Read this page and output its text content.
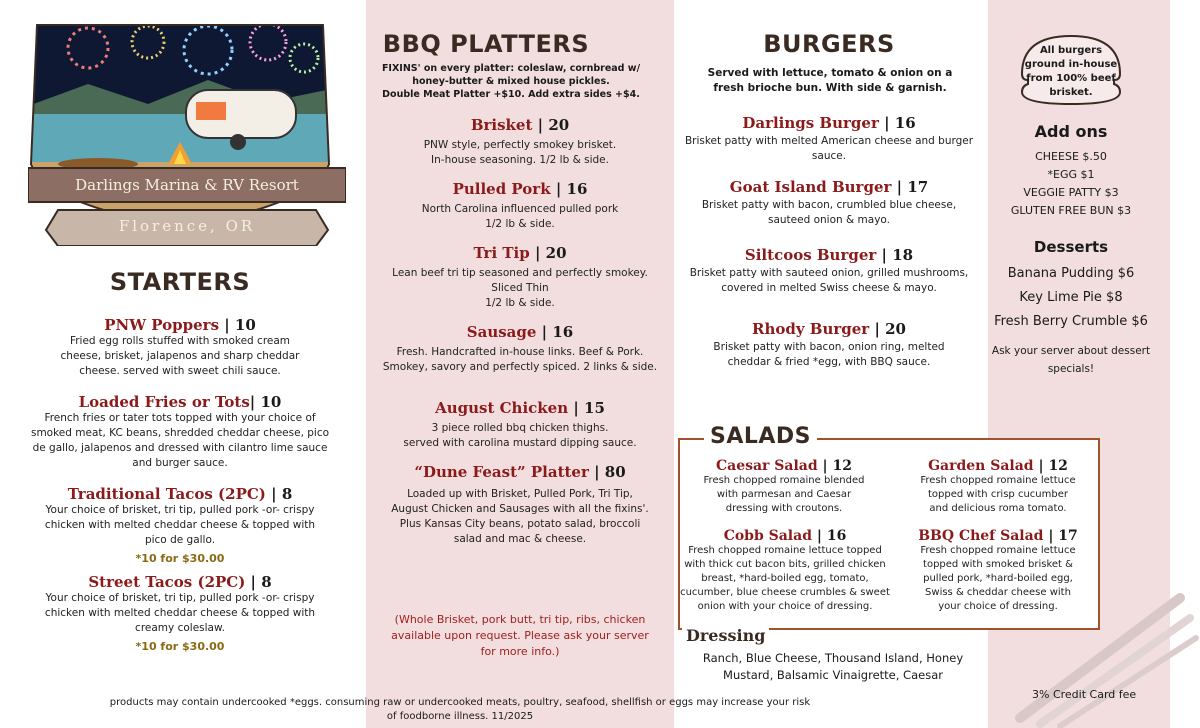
Darlings Marina & RV Resort
Florence, OR
STARTERS
PNW Poppers | 10
Fried egg rolls stuffed with smoked cream
cheese, brisket, jalapenos and sharp cheddar
cheese. served with sweet chili sauce.
Loaded Fries or Tots| 10
French fries or tater tots topped with your choice of
smoked meat, KC beans, shredded cheddar cheese, pico
de gallo, jalapenos and dressed with cilantro lime sauce
and burger sauce.
Traditional Tacos (2PC) | 8
Your choice of brisket, tri tip, pulled pork -or- crispy
chicken with melted cheddar cheese & topped with
pico de gallo.
*10 for $30.00
Street Tacos (2PC) | 8
Your choice of brisket, tri tip, pulled pork -or- crispy
chicken with melted cheddar cheese & topped with
creamy coleslaw.
*10 for $30.00
BBQ PLATTERS
FIXINS' on every platter: coleslaw, cornbread w/
honey-butter & mixed house pickles.
Double Meat Platter +$10. Add extra sides +$4.
Brisket | 20
PNW style, perfectly smokey brisket.
In-house seasoning. 1/2 lb & side.
Pulled Pork | 16
North Carolina influenced pulled pork
1/2 lb & side.
Tri Tip | 20
Lean beef tri tip seasoned and perfectly smokey.
Sliced Thin
1/2 lb & side.
Sausage | 16
Fresh. Handcrafted in-house links. Beef & Pork.
Smokey, savory and perfectly spiced. 2 links & side.
August Chicken | 15
3 piece rolled bbq chicken thighs.
served with carolina mustard dipping sauce.
“Dune Feast” Platter | 80
Loaded up with Brisket, Pulled Pork, Tri Tip,
August Chicken and Sausages with all the fixins'.
Plus Kansas City beans, potato salad, broccoli
salad and mac & cheese.
(Whole Brisket, pork butt, tri tip, ribs, chicken
available upon request. Please ask your server
for more info.)
BURGERS
Served with lettuce, tomato & onion on a
fresh brioche bun. With side & garnish.
Darlings Burger | 16
Brisket patty with melted American cheese and burger
sauce.
Goat Island Burger | 17
Brisket patty with bacon, crumbled blue cheese,
sauteed onion & mayo.
Siltcoos Burger | 18
Brisket patty with sauteed onion, grilled mushrooms,
covered in melted Swiss cheese & mayo.
Rhody Burger | 20
Brisket patty with bacon, onion ring, melted
cheddar & fried *egg, with BBQ sauce.
SALADS
Caesar Salad | 12
Fresh chopped romaine blended
with parmesan and Caesar
dressing with croutons.
Garden Salad | 12
Fresh chopped romaine lettuce
topped with crisp cucumber
and delicious roma tomato.
Cobb Salad | 16
Fresh chopped romaine lettuce topped
with thick cut bacon bits, grilled chicken
breast, *hard-boiled egg, tomato,
cucumber, blue cheese crumbles & sweet
onion with your choice of dressing.
BBQ Chef Salad | 17
Fresh chopped romaine lettuce
topped with smoked brisket &
pulled pork, *hard-boiled egg,
Swiss & cheddar cheese with
your choice of dressing.
Dressing
Ranch, Blue Cheese, Thousand Island, Honey
Mustard, Balsamic Vinaigrette, Caesar
All burgers
ground in-house
from 100% beef
brisket.
Add ons
CHEESE $.50
*EGG $1
VEGGIE PATTY $3
GLUTEN FREE BUN $3
Desserts
Banana Pudding $6
Key Lime Pie $8
Fresh Berry Crumble $6
Ask your server about dessert
specials!
3% Credit Card fee
products may contain undercooked *eggs. consuming raw or undercooked meats, poultry, seafood, shellfish or eggs may increase your risk
of foodborne illness. 11/2025
